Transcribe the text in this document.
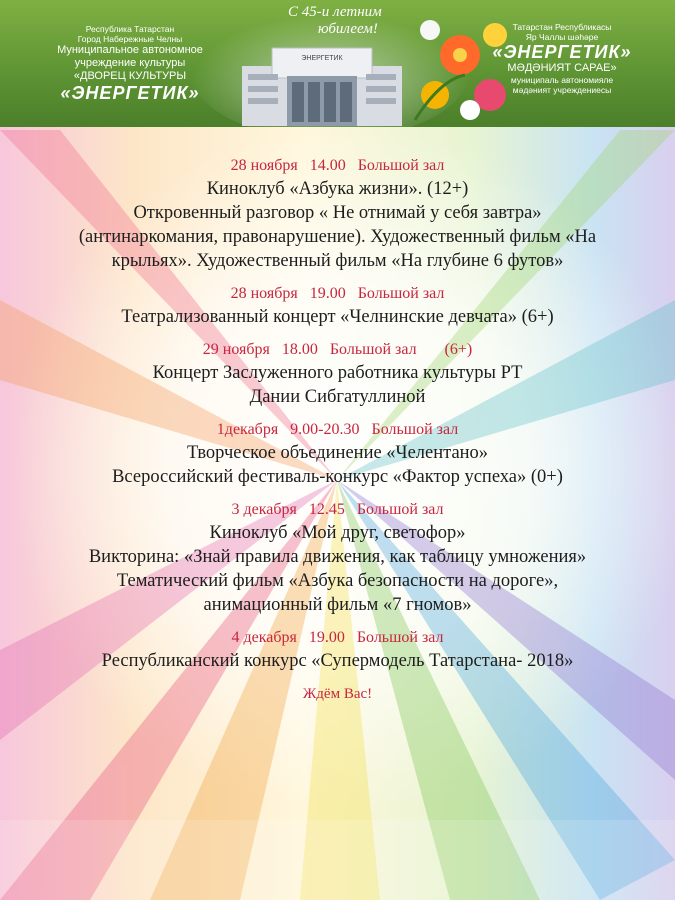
Республика Татарстан
Город Набережные Челны
Муниципальное автономное
учреждение культуры
«ДВОРЕЦ КУЛЬТУРЫ
«ЭНЕРГЕТИК»
ЭНЕРГЕТИК
С 45-и летним
юбилеем!	Татарстан Республикасы
Яр Чаллы шәһәре
«ЭНЕРГЕТИК»
МӘДӘНИЯТ САРАЕ»
муниципаль автономияле
мәдәният учреждениесы
28 ноября   14.00   Большой зал
Киноклуб «Азбука жизни». (12+)
Откровенный разговор « Не отнимай у себя завтра»
(антинаркомания, правонарушение). Художественный фильм «На
крыльях». Художественный фильм «На глубине 6 футов»
28 ноября   19.00   Большой зал
Театрализованный концерт «Челнинские девчата» (6+)
29 ноября   18.00   Большой зал       (6+)
Концерт Заслуженного работника культуры РТ
Дании Сибгатуллиной
1декабря   9.00-20.30   Большой зал
Творческое объединение «Челентано»
Всероссийский фестиваль-конкурс «Фактор успеха» (0+)
3 декабря   12.45   Большой зал
Киноклуб «Мой друг, светофор»
Викторина: «Знай правила движения, как таблицу умножения»
Тематический фильм «Азбука безопасности на дороге»,
анимационный фильм «7 гномов»
4 декабря   19.00   Большой зал
Республиканский конкурс «Супермодель Татарстана- 2018»
Ждём Вас!
